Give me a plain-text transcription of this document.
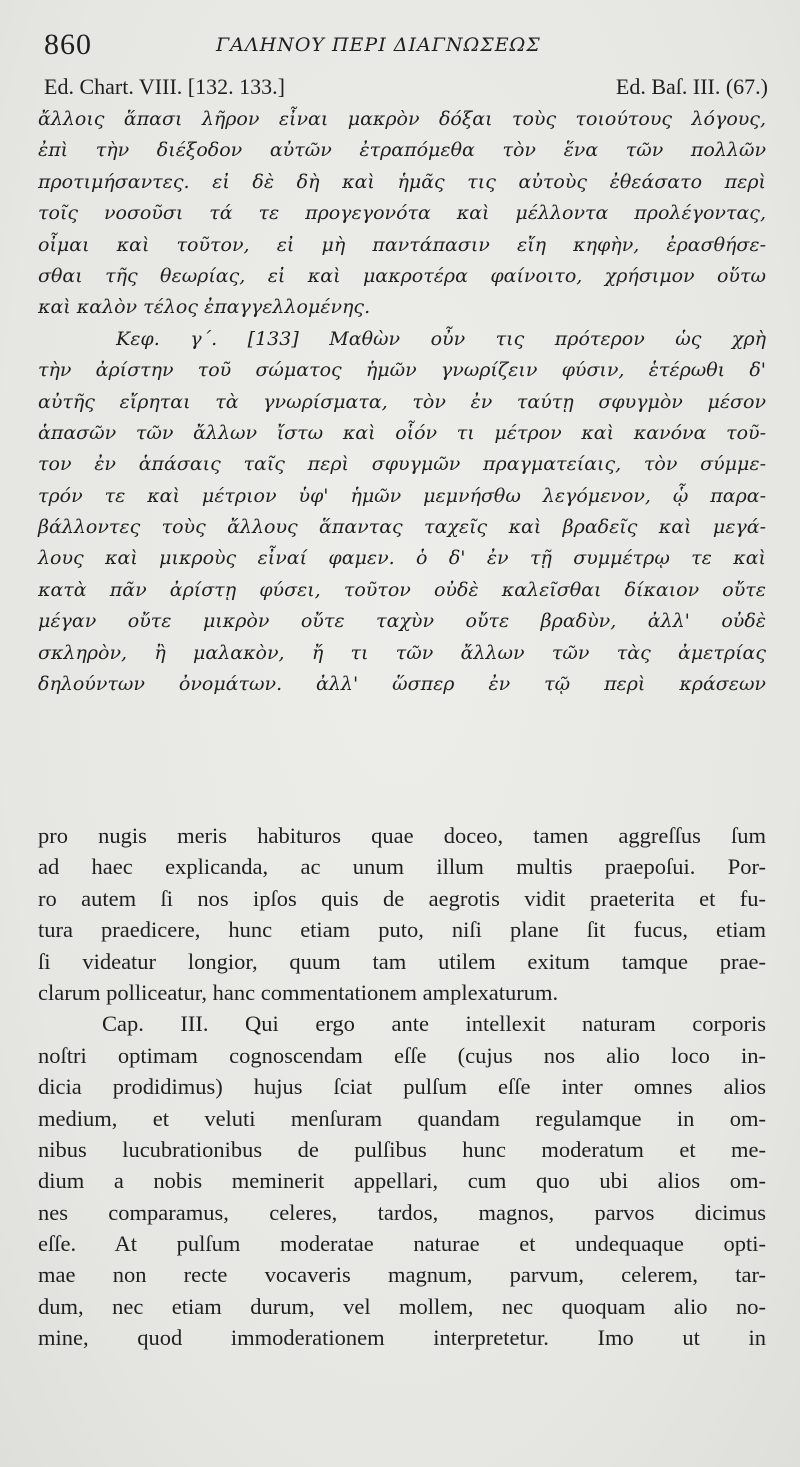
860	ΓΑΛΗΝΟΥ ΠΕΡΙ ΔΙΑΓΝΩΣΕΩΣ
Ed. Chart. VIII. [132. 133.]	Ed. Baſ. III. (67.)
ἄλλοις ἅπασι λῆρον εἶναι μακρὸν δόξαι τοὺς τοιούτους λόγους,
ἐπὶ τὴν διέξοδον αὐτῶν ἐτραπόμεθα τὸν ἕνα τῶν πολλῶν
προτιμήσαντες. εἰ δὲ δὴ καὶ ἡμᾶς τις αὐτοὺς ἐθεάσατο περὶ
τοῖς νοσοῦσι τά τε προγεγονότα καὶ μέλλοντα προλέγοντας,
οἶμαι καὶ τοῦτον, εἰ μὴ παντάπασιν εἴη κηφὴν, ἐρασθήσε-
σθαι τῆς θεωρίας, εἰ καὶ μακροτέρα φαίνοιτο, χρήσιμον οὕτω
καὶ καλὸν τέλος ἐπαγγελλομένης.
Κεφ. γ΄. [133] Μαθὼν οὖν τις πρότερον ὡς χρὴ
τὴν ἀρίστην τοῦ σώματος ἡμῶν γνωρίζειν φύσιν, ἑτέρωθι δ'
αὐτῆς εἴρηται τὰ γνωρίσματα, τὸν ἐν ταύτῃ σφυγμὸν μέσον
ἁπασῶν τῶν ἄλλων ἴστω καὶ οἷόν τι μέτρον καὶ κανόνα τοῦ-
τον ἐν ἁπάσαις ταῖς περὶ σφυγμῶν πραγματείαις, τὸν σύμμε-
τρόν τε καὶ μέτριον ὑφ' ἡμῶν μεμνήσθω λεγόμενον, ᾧ παρα-
βάλλοντες τοὺς ἄλλους ἅπαντας ταχεῖς καὶ βραδεῖς καὶ μεγά-
λους καὶ μικροὺς εἶναί φαμεν. ὁ δ' ἐν τῇ συμμέτρῳ τε καὶ
κατὰ πᾶν ἀρίστῃ φύσει, τοῦτον οὐδὲ καλεῖσθαι δίκαιον οὔτε
μέγαν οὔτε μικρὸν οὔτε ταχὺν οὔτε βραδὺν, ἀλλ' οὐδὲ
σκληρὸν, ἢ μαλακὸν, ἤ τι τῶν ἄλλων τῶν τὰς ἀμετρίας
δηλούντων ὀνομάτων. ἀλλ' ὥσπερ ἐν τῷ περὶ κράσεων
pro nugis meris habituros quae doceo, tamen aggreſſus ſum
ad haec explicanda, ac unum illum multis praepoſui. Por-
ro autem ſi nos ipſos quis de aegrotis vidit praeterita et fu-
tura praedicere, hunc etiam puto, niſi plane ſit fucus, etiam
ſi videatur longior, quum tam utilem exitum tamque prae-
clarum polliceatur, hanc commentationem amplexaturum.
Cap. III. Qui ergo ante intellexit naturam corporis
noſtri optimam cognoscendam eſſe (cujus nos alio loco in-
dicia prodidimus) hujus ſciat pulſum eſſe inter omnes alios
medium, et veluti menſuram quandam regulamque in om-
nibus lucubrationibus de pulſibus hunc moderatum et me-
dium a nobis meminerit appellari, cum quo ubi alios om-
nes comparamus, celeres, tardos, magnos, parvos dicimus
eſſe. At pulſum moderatae naturae et undequaque opti-
mae non recte vocaveris magnum, parvum, celerem, tar-
dum, nec etiam durum, vel mollem, nec quoquam alio no-
mine, quod immoderationem interpretetur. Imo ut in
